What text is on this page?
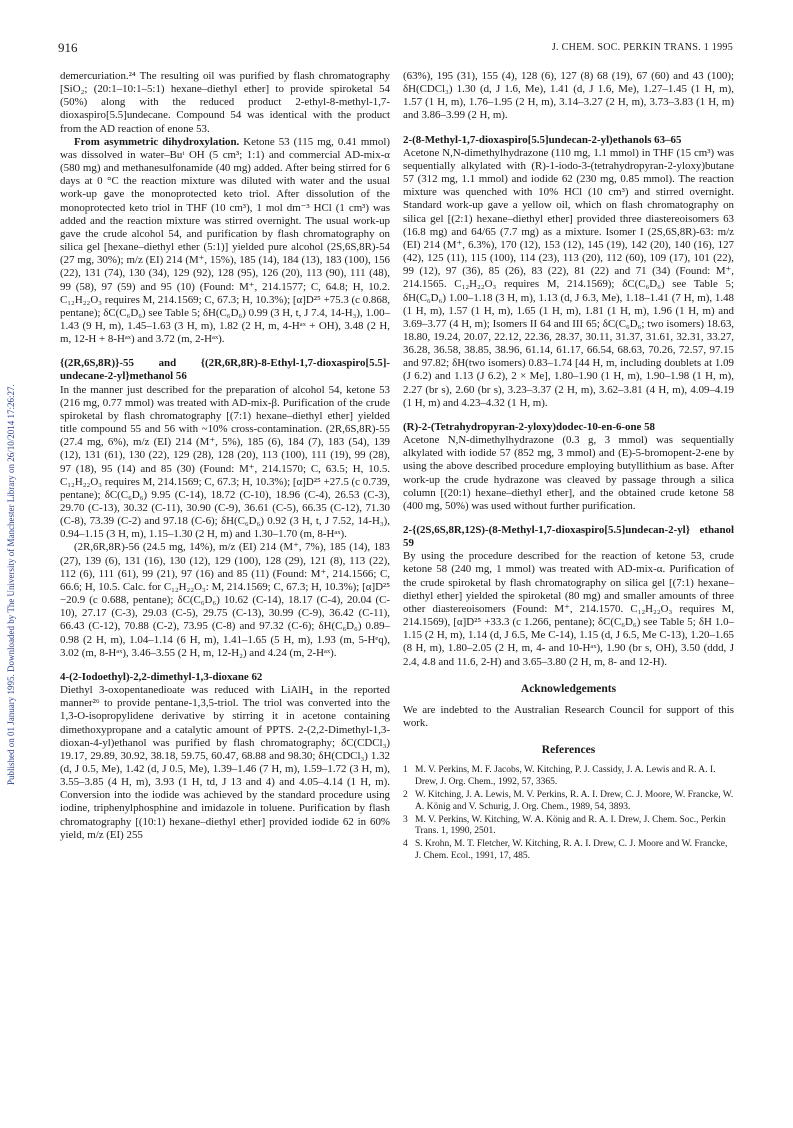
916	J. CHEM. SOC. PERKIN TRANS. 1 1995
Published on 01 January 1995. Downloaded by The University of Manchester Library on 26/10/2014 17:26:27.

demercuriation.²⁴ The resulting oil was purified by flash chromatography [SiO₂; (20:1–10:1–5:1) hexane–diethyl ether] to provide spiroketal 54 (50%) along with the reduced product 2-ethyl-8-methyl-1,7-dioxaspiro[5.5]undecane. Compound 54 was identical with the product from the AD reaction of enone 53.

From asymmetric dihydroxylation. Ketone 53 (115 mg, 0.41 mmol) was dissolved in water–Buᵗ OH (5 cm³; 1:1) and commercial AD-mix-α (580 mg) and methanesulfonamide (40 mg) added. After being stirred for 6 days at 0 °C the reaction mixture was diluted with water and the usual work-up gave the monoprotected keto triol. After dissolution of the monoprotected keto triol in THF (10 cm³), 1 mol dm⁻³ HCl (1 cm³) was added and the reaction mixture was stirred overnight. The usual work-up gave the crude alcohol 54, and purification by flash chromatography on silica gel [hexane–diethyl ether (5:1)] yielded pure alcohol (2S,6S,8R)-54 (27 mg, 30%); m/z (EI) 214 (M⁺, 15%), 185 (14), 184 (13), 183 (100), 156 (22), 131 (74), 130 (34), 129 (92), 128 (95), 126 (20), 113 (90), 111 (48), 99 (58), 97 (59) and 95 (10) (Found: M⁺, 214.1577; C, 64.8; H, 10.2. C₁₂H₂₂O₃ requires M, 214.1569; C, 67.3; H, 10.3%); [α]D²⁵ +75.3 (c 0.868, pentane); δC(C₆D₆) see Table 5; δH(C₆D₆) 0.99 (3 H, t, J 7.4, 14-H₃), 1.00–1.43 (9 H, m), 1.45–1.63 (3 H, m), 1.82 (2 H, m, 4-Hᵃˣ + OH), 3.48 (2 H, m, 12-H + 8-Hᵃˣ) and 3.72 (m, 2-Hᵃˣ).

{(2R,6S,8R)}-55 and {(2R,6R,8R)-8-Ethyl-1,7-dioxaspiro[5.5]-undecane-2-yl}methanol 56

In the manner just described for the preparation of alcohol 54, ketone 53 (216 mg, 0.77 mmol) was treated with AD-mix-β. Purification of the crude spiroketal by flash chromatography [(7:1) hexane–diethyl ether] yielded title compound 55 and 56 with ~10% cross-contamination. (2R,6S,8R)-55 (27.4 mg, 6%), m/z (EI) 214 (M⁺, 5%), 185 (6), 184 (7), 183 (54), 139 (12), 131 (61), 130 (22), 129 (28), 128 (20), 113 (100), 111 (19), 99 (28), 97 (18), 95 (14) and 85 (30) (Found: M⁺, 214.1570; C, 63.5; H, 10.5. C₁₂H₂₂O₃ requires M, 214.1569; C, 67.3; H, 10.3%); [α]D²⁵ +27.5 (c 0.739, pentane); δC(C₆D₆) 9.95 (C-14), 18.72 (C-10), 18.96 (C-4), 26.53 (C-3), 29.70 (C-13), 30.32 (C-11), 30.90 (C-9), 36.61 (C-5), 66.35 (C-12), 71.30 (C-8), 73.39 (C-2) and 97.18 (C-6); δH(C₆D₆) 0.92 (3 H, t, J 7.52, 14-H₃), 0.94–1.15 (3 H, m), 1.15–1.30 (2 H, m) and 1.30–1.70 (m, 8-Hᵃˣ).

(2R,6R,8R)-56 (24.5 mg, 14%), m/z (EI) 214 (M⁺, 7%), 185 (14), 183 (27), 139 (6), 131 (16), 130 (12), 129 (100), 128 (29), 121 (8), 113 (22), 112 (6), 111 (61), 99 (21), 97 (16) and 85 (11) (Found: M⁺, 214.1566; C, 66.6; H, 10.5. Calc. for C₁₂H₂₂O₃: M, 214.1569; C, 67.3; H, 10.3%); [α]D²⁵ −20.9 (c 0.688, pentane); δC(C₆D₆) 10.62 (C-14), 18.17 (C-4), 20.04 (C-10), 27.17 (C-3), 29.03 (C-5), 29.75 (C-13), 30.99 (C-9), 36.42 (C-11), 66.43 (C-12), 70.88 (C-2), 73.95 (C-8) and 97.32 (C-6); δH(C₆D₆) 0.89–0.98 (2 H, m), 1.04–1.14 (6 H, m), 1.41–1.65 (5 H, m), 1.93 (m, 5-Hᵉq), 3.02 (m, 8-Hᵃˣ), 3.46–3.55 (2 H, m, 12-H₂) and 4.24 (m, 2-Hᵃˣ).

4-(2-Iodoethyl)-2,2-dimethyl-1,3-dioxane 62

Diethyl 3-oxopentanedioate was reduced with LiAlH₄ in the reported manner²⁶ to provide pentane-1,3,5-triol. The triol was converted into the 1,3-O-isopropylidene derivative by stirring it in acetone containing dimethoxypropane and a catalytic amount of PPTS. 2-(2,2-Dimethyl-1,3-dioxan-4-yl)ethanol was purified by flash chromatography; δC(CDCl₃) 19.17, 29.89, 30.92, 38.18, 59.75, 60.47, 68.88 and 98.30; δH(CDCl₃) 1.32 (d, J 0.5, Me), 1.42 (d, J 0.5, Me), 1.39–1.46 (7 H, m), 1.59–1.72 (3 H, m), 3.55–3.85 (4 H, m), 3.93 (1 H, td, J 13 and 4) and 4.05–4.14 (1 H, m). Conversion into the iodide was achieved by the standard procedure using iodine, triphenylphosphine and imidazole in toluene. Purification by flash chromatography [(10:1) hexane–diethyl ether] provided iodide 62 in 60% yield, m/z (EI) 255

(63%), 195 (31), 155 (4), 128 (6), 127 (8) 68 (19), 67 (60) and 43 (100); δH(CDCl₃) 1.30 (d, J 1.6, Me), 1.41 (d, J 1.6, Me), 1.27–1.45 (1 H, m), 1.57 (1 H, m), 1.76–1.95 (2 H, m), 3.14–3.27 (2 H, m), 3.73–3.83 (1 H, m) and 3.86–3.99 (2 H, m).

2-(8-Methyl-1,7-dioxaspiro[5.5]undecan-2-yl)ethanols 63–65

Acetone N,N-dimethylhydrazone (110 mg, 1.1 mmol) in THF (15 cm³) was sequentially alkylated with (R)-1-iodo-3-(tetrahydropyran-2-yloxy)butane 57 (312 mg, 1.1 mmol) and iodide 62 (230 mg, 0.85 mmol). The reaction mixture was quenched with 10% HCl (10 cm³) and stirred overnight. Standard work-up gave a yellow oil, which on flash chromatography on silica gel [(2:1) hexane–diethyl ether] provided three diastereoisomers 63 (16.8 mg) and 64/65 (7.7 mg) as a mixture. Isomer I (2S,6S,8R)-63: m/z (EI) 214 (M⁺, 6.3%), 170 (12), 153 (12), 145 (19), 142 (20), 140 (16), 127 (42), 125 (11), 115 (100), 114 (23), 113 (20), 112 (60), 109 (17), 101 (22), 99 (12), 97 (36), 85 (26), 83 (22), 81 (22) and 71 (34) (Found: M⁺, 214.1565. C₁₂H₂₂O₃ requires M, 214.1569); δC(C₆D₆) see Table 5; δH(C₆D₆) 1.00–1.18 (3 H, m), 1.13 (d, J 6.3, Me), 1.18–1.41 (7 H, m), 1.48 (1 H, m), 1.57 (1 H, m), 1.65 (1 H, m), 1.81 (1 H, m), 1.96 (1 H, m) and 3.69–3.77 (4 H, m); Isomers II 64 and III 65; δC(C₆D₆; two isomers) 18.63, 18.80, 19.24, 20.07, 22.12, 22.36, 28.37, 30.11, 31.37, 31.61, 32.31, 33.27, 36.28, 36.58, 38.85, 38.96, 61.14, 61.17, 66.54, 68.63, 70.26, 72.57, 97.15 and 97.82; δH(two isomers) 0.83–1.74 [44 H, m, including doublets at 1.09 (J 6.2) and 1.13 (J 6.2), 2 × Me], 1.80–1.90 (1 H, m), 1.90–1.98 (1 H, m), 2.27 (br s), 2.60 (br s), 3.23–3.37 (2 H, m), 3.62–3.81 (4 H, m), 4.09–4.19 (1 H, m) and 4.23–4.32 (1 H, m).

(R)-2-(Tetrahydropyran-2-yloxy)dodec-10-en-6-one 58

Acetone N,N-dimethylhydrazone (0.3 g, 3 mmol) was sequentially alkylated with iodide 57 (852 mg, 3 mmol) and (E)-5-bromopent-2-ene by using the above described procedure employing butyllithium as base. After work-up the crude hydrazone was cleaved by passage through a silica column [(20:1) hexane–diethyl ether], and the obtained crude ketone 58 (400 mg, 50%) was used without further purification.

2-{(2S,6S,8R,12S)-(8-Methyl-1,7-dioxaspiro[5.5]undecan-2-yl} ethanol 59

By using the procedure described for the reaction of ketone 53, crude ketone 58 (240 mg, 1 mmol) was treated with AD-mix-α. Purification of the crude spiroketal by flash chromatography on silica gel [(7:1) hexane–diethyl ether] yielded the spiroketal (80 mg) and smaller amounts of three other diastereoisomers (Found: M⁺, 214.1570. C₁₂H₂₂O₃ requires M, 214.1569), [α]D²⁵ +33.3 (c 1.266, pentane); δC(C₆D₆) see Table 5; δH 1.0–1.15 (2 H, m), 1.14 (d, J 6.5, Me C-14), 1.15 (d, J 6.5, Me C-13), 1.20–1.65 (8 H, m), 1.80–2.05 (2 H, m, 4- and 10-Hᵃˣ), 1.90 (br s, OH), 3.50 (ddd, J 2.4, 4.8 and 11.6, 2-H) and 3.65–3.80 (2 H, m, 8- and 12-H).

Acknowledgements

We are indebted to the Australian Research Council for support of this work.

References
1 M. V. Perkins, M. F. Jacobs, W. Kitching, P. J. Cassidy, J. A. Lewis and R. A. I. Drew, J. Org. Chem., 1992, 57, 3365.
2 W. Kitching, J. A. Lewis, M. V. Perkins, R. A. I. Drew, C. J. Moore, W. Francke, W. A. König and V. Schurig, J. Org. Chem., 1989, 54, 3893.
3 M. V. Perkins, W. Kitching, W. A. König and R. A. I. Drew, J. Chem. Soc., Perkin Trans. 1, 1990, 2501.
4 S. Krohn, M. T. Fletcher, W. Kitching, R. A. I. Drew, C. J. Moore and W. Francke, J. Chem. Ecol., 1991, 17, 485.
